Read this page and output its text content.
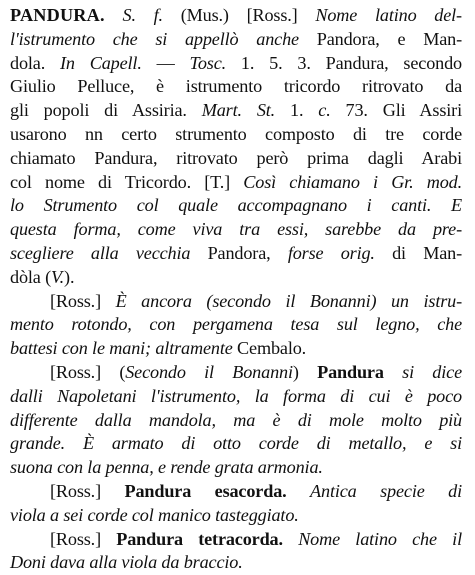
PANDURA. S. f. (Mus.) [Ross.] Nome latino del-
l'istrumento che si appellò anche Pandora, e Man-
dola. In Capell. — Tosc. 1. 5. 3. Pandura, secondo
Giulio Pelluce, è istrumento tricordo ritrovato da
gli popoli di Assiria. Mart. St. 1. c. 73. Gli Assiri
usarono nn certo strumento composto di tre corde
chiamato Pandura, ritrovato però prima dagli Arabi
col nome di Tricordo. [T.] Così chiamano i Gr. mod.
lo Strumento col quale accompagnano i canti. E
questa forma, come viva tra essi, sarebbe da pre-
scegliere alla vecchia Pandora, forse orig. di Man-
dòla (V.).
[Ross.] È ancora (secondo il Bonanni) un istru-
mento rotondo, con pergamena tesa sul legno, che
battesi con le mani; altramente Cembalo.
[Ross.] (Secondo il Bonanni) Pandura si dice
dalli Napoletani l'istrumento, la forma di cui è poco
differente dalla mandola, ma è di mole molto più
grande. È armato di otto corde di metallo, e si
suona con la penna, e rende grata armonia.
[Ross.] Pandura esacorda. Antica specie di
viola a sei corde col manico tasteggiato.
[Ross.] Pandura tetracorda. Nome latino che il
Doni dava alla viola da braccio.
